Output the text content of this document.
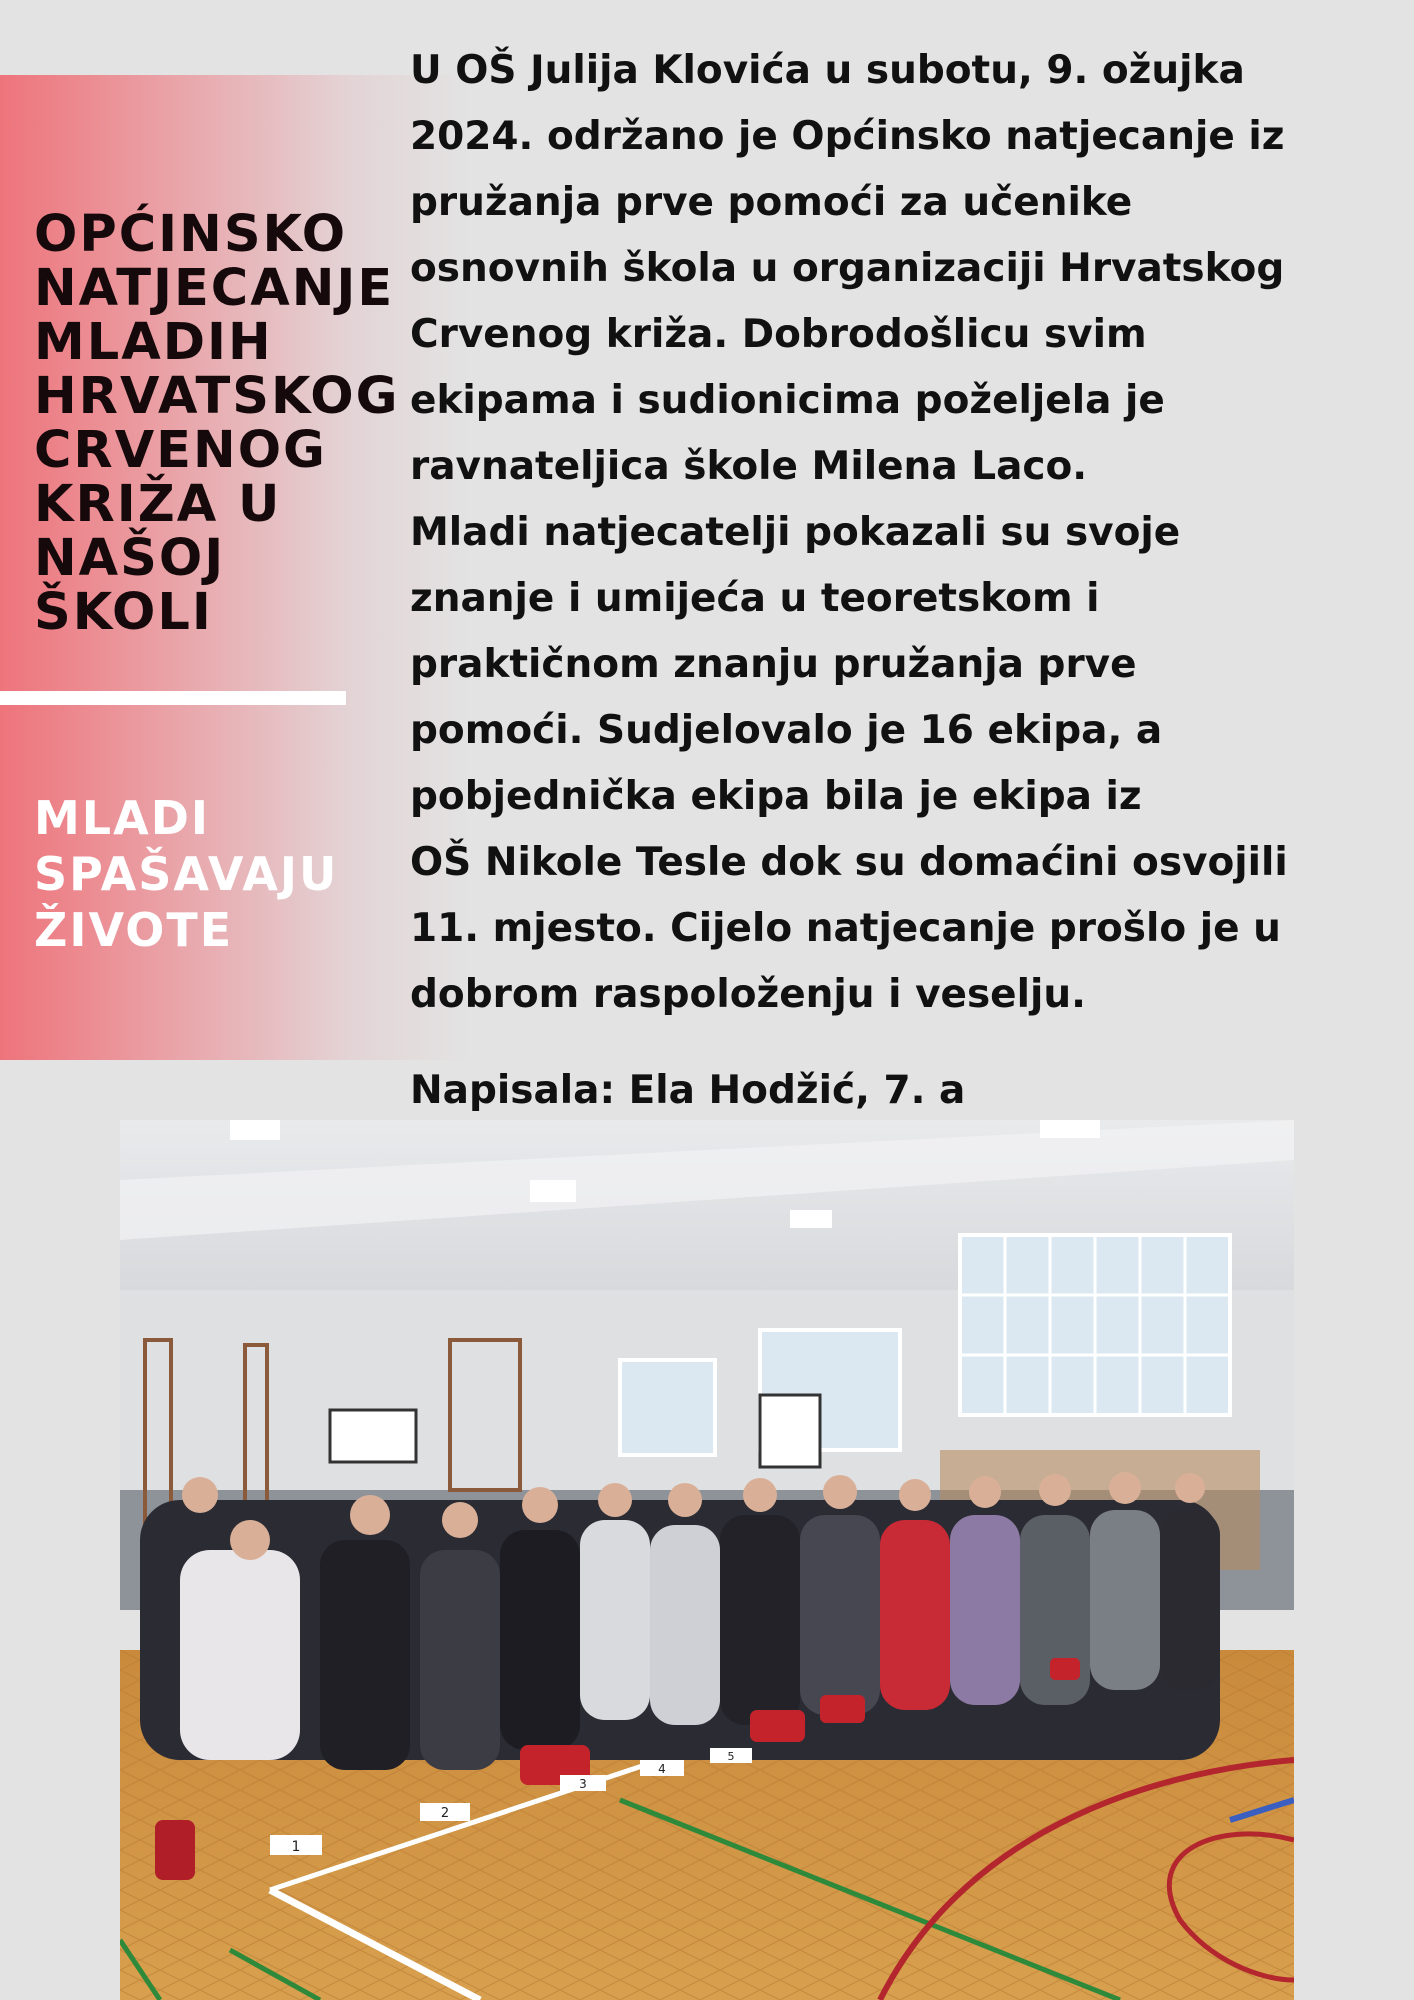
OPĆINSKO NATJECANJE MLADIH HRVATSKOG CRVENOG KRIŽA U NAŠOJ ŠKOLI
MLADI SPAŠAVAJU ŽIVOTE

U OŠ Julija Klovića u subotu, 9. ožujka
2024. održano je Općinsko natjecanje iz
pružanja prve pomoći za učenike
osnovnih škola u organizaciji Hrvatskog
Crvenog križa. Dobrodošlicu svim
ekipama i sudionicima poželjela je
ravnateljica škole Milena Laco.
Mladi natjecatelji pokazali su svoje
znanje i umijeća u teoretskom i
praktičnom znanju pružanja prve
pomoći. Sudjelovalo je 16 ekipa, a
pobjednička ekipa bila je ekipa iz
OŠ Nikole Tesle dok su domaćini osvojili
11. mjesto. Cijelo natjecanje prošlo je u
dobrom raspoloženju i veselju.

Napisala: Ela Hodžić, 7. a

1
2
3
4
5
